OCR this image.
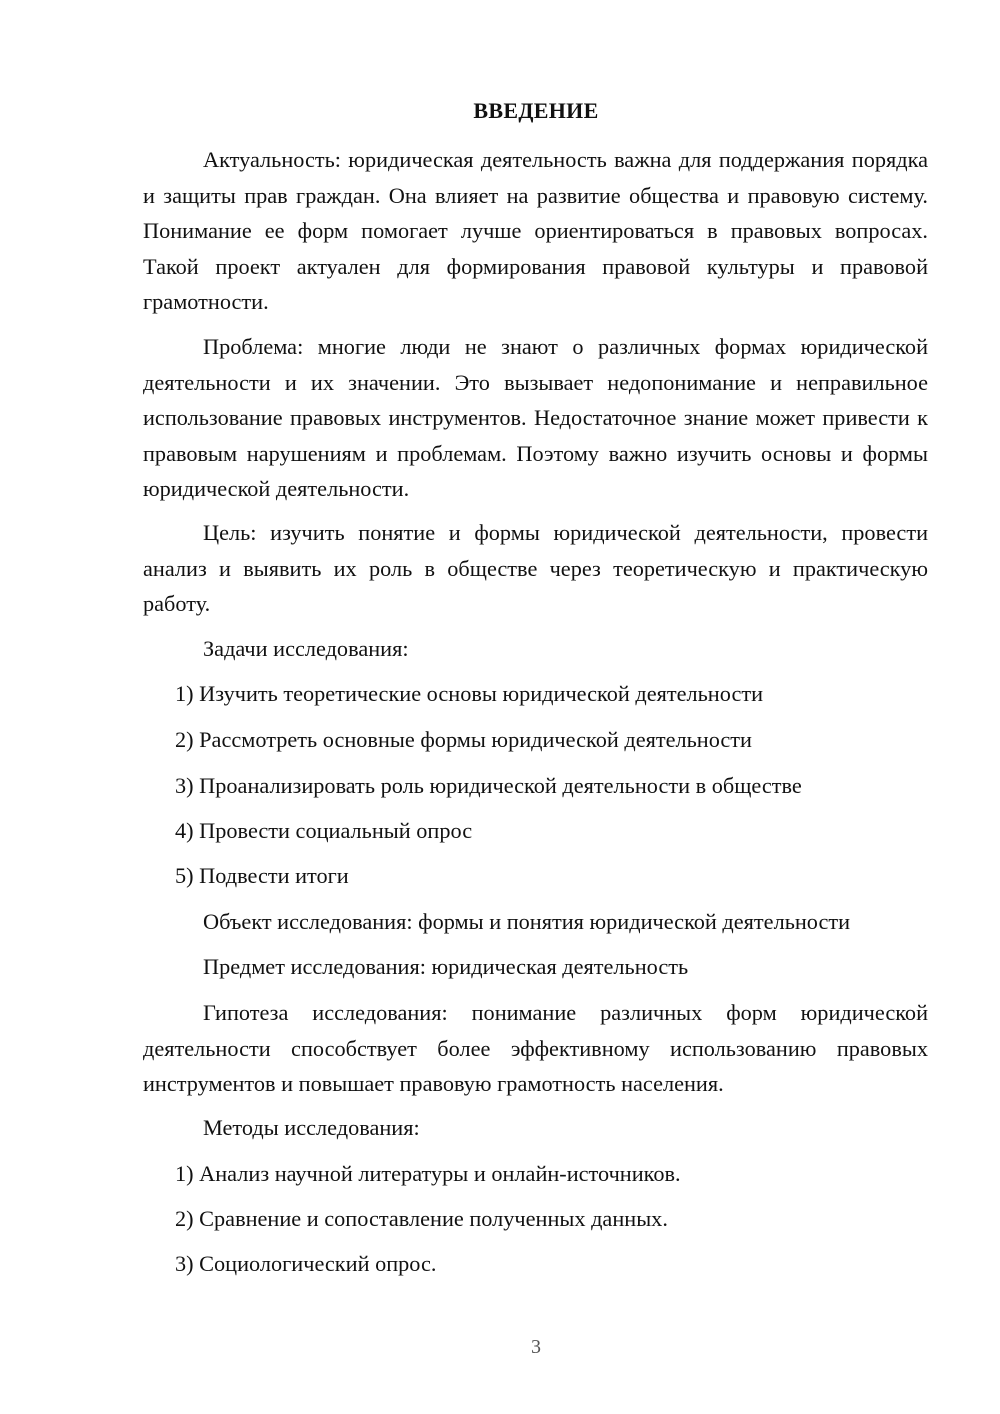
ВВЕДЕНИЕ

Актуальность: юридическая деятельность важна для поддержания порядка и защиты прав граждан. Она влияет на развитие общества и правовую систему. Понимание ее форм помогает лучше ориентироваться в правовых вопросах. Такой проект актуален для формирования правовой культуры и правовой грамотности.

Проблема: многие люди не знают о различных формах юридической деятельности и их значении. Это вызывает недопонимание и неправильное использование правовых инструментов. Недостаточное знание может привести к правовым нарушениям и проблемам. Поэтому важно изучить основы и формы юридической деятельности.

Цель: изучить понятие и формы юридической деятельности, провести анализ и выявить их роль в обществе через теоретическую и практическую работу.

Задачи исследования:
1) Изучить теоретические основы юридической деятельности
2) Рассмотреть основные формы юридической деятельности
3) Проанализировать роль юридической деятельности в обществе
4) Провести социальный опрос
5) Подвести итоги
Объект исследования: формы и понятия юридической деятельности
Предмет исследования: юридическая деятельность

Гипотеза исследования: понимание различных форм юридической деятельности способствует более эффективному использованию правовых инструментов и повышает правовую грамотность населения.

Методы исследования:
1) Анализ научной литературы и онлайн-источников.
2) Сравнение и сопоставление полученных данных.
3) Социологический опрос.
3
